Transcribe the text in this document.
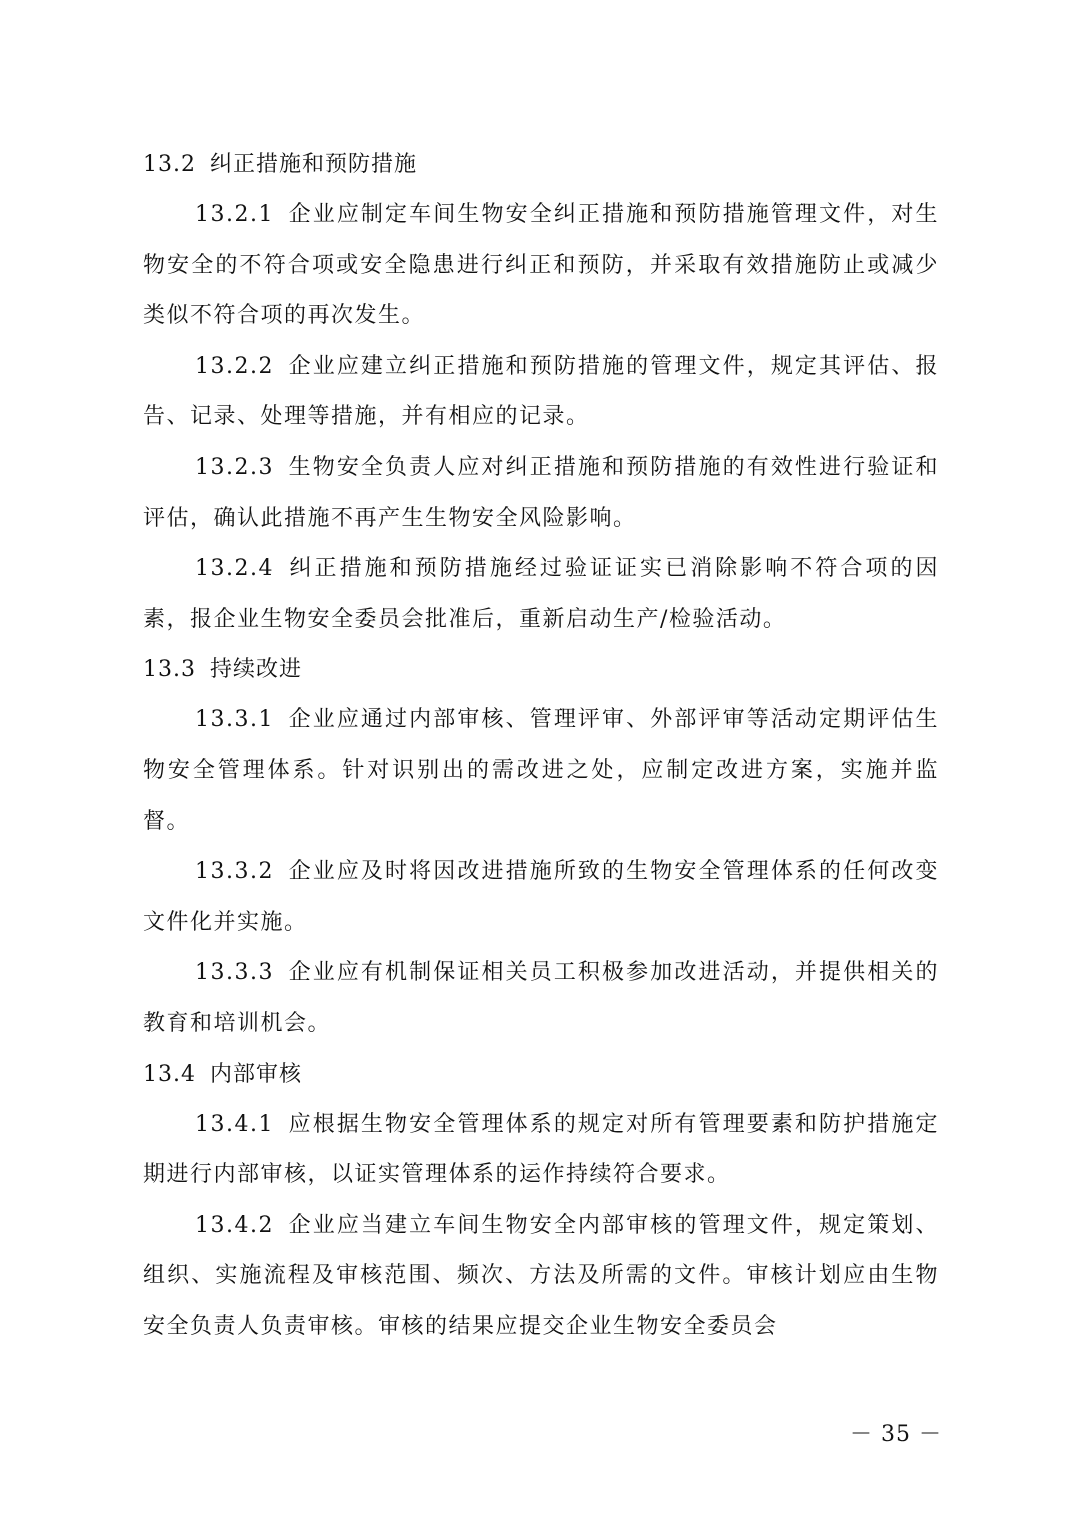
13.2 纠正措施和预防措施

13.2.1 企业应制定车间生物安全纠正措施和预防措施管理文件，对生物安全的不符合项或安全隐患进行纠正和预防，并采取有效措施防止或减少类似不符合项的再次发生。

13.2.2 企业应建立纠正措施和预防措施的管理文件，规定其评估、报告、记录、处理等措施，并有相应的记录。

13.2.3 生物安全负责人应对纠正措施和预防措施的有效性进行验证和评估，确认此措施不再产生生物安全风险影响。

13.2.4 纠正措施和预防措施经过验证证实已消除影响不符合项的因素，报企业生物安全委员会批准后，重新启动生产/检验活动。

13.3 持续改进

13.3.1 企业应通过内部审核、管理评审、外部评审等活动定期评估生物安全管理体系。针对识别出的需改进之处，应制定改进方案，实施并监督。

13.3.2 企业应及时将因改进措施所致的生物安全管理体系的任何改变文件化并实施。

13.3.3 企业应有机制保证相关员工积极参加改进活动，并提供相关的教育和培训机会。

13.4 内部审核

13.4.1 应根据生物安全管理体系的规定对所有管理要素和防护措施定期进行内部审核，以证实管理体系的运作持续符合要求。

13.4.2 企业应当建立车间生物安全内部审核的管理文件，规定策划、组织、实施流程及审核范围、频次、方法及所需的文件。审核计划应由生物安全负责人负责审核。审核的结果应提交企业生物安全委员会

－ 35 －
